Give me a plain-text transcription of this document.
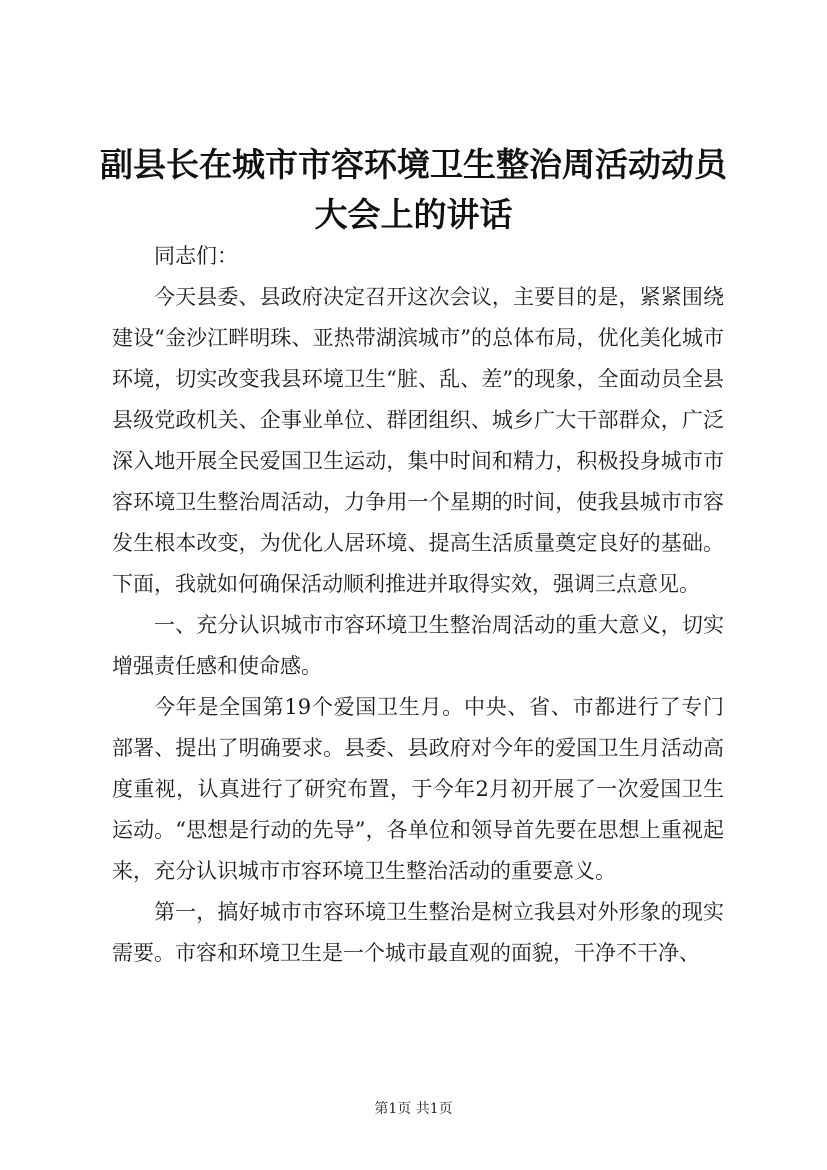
副县长在城市市容环境卫生整治周活动动员大会上的讲话

同志们：

今天县委、县政府决定召开这次会议，主要目的是，紧紧围绕建设“金沙江畔明珠、亚热带湖滨城市”的总体布局，优化美化城市环境，切实改变我县环境卫生“脏、乱、差”的现象，全面动员全县县级党政机关、企事业单位、群团组织、城乡广大干部群众，广泛深入地开展全民爱国卫生运动，集中时间和精力，积极投身城市市容环境卫生整治周活动，力争用一个星期的时间，使我县城市市容发生根本改变，为优化人居环境、提高生活质量奠定良好的基础。下面，我就如何确保活动顺利推进并取得实效，强调三点意见。

一、充分认识城市市容环境卫生整治周活动的重大意义，切实增强责任感和使命感。

今年是全国第19个爱国卫生月。中央、省、市都进行了专门部署、提出了明确要求。县委、县政府对今年的爱国卫生月活动高度重视，认真进行了研究布置，于今年2月初开展了一次爱国卫生运动。“思想是行动的先导”，各单位和领导首先要在思想上重视起来，充分认识城市市容环境卫生整治活动的重要意义。

第一，搞好城市市容环境卫生整治是树立我县对外形象的现实需要。市容和环境卫生是一个城市最直观的面貌，干净不干净、

第1页 共1页
